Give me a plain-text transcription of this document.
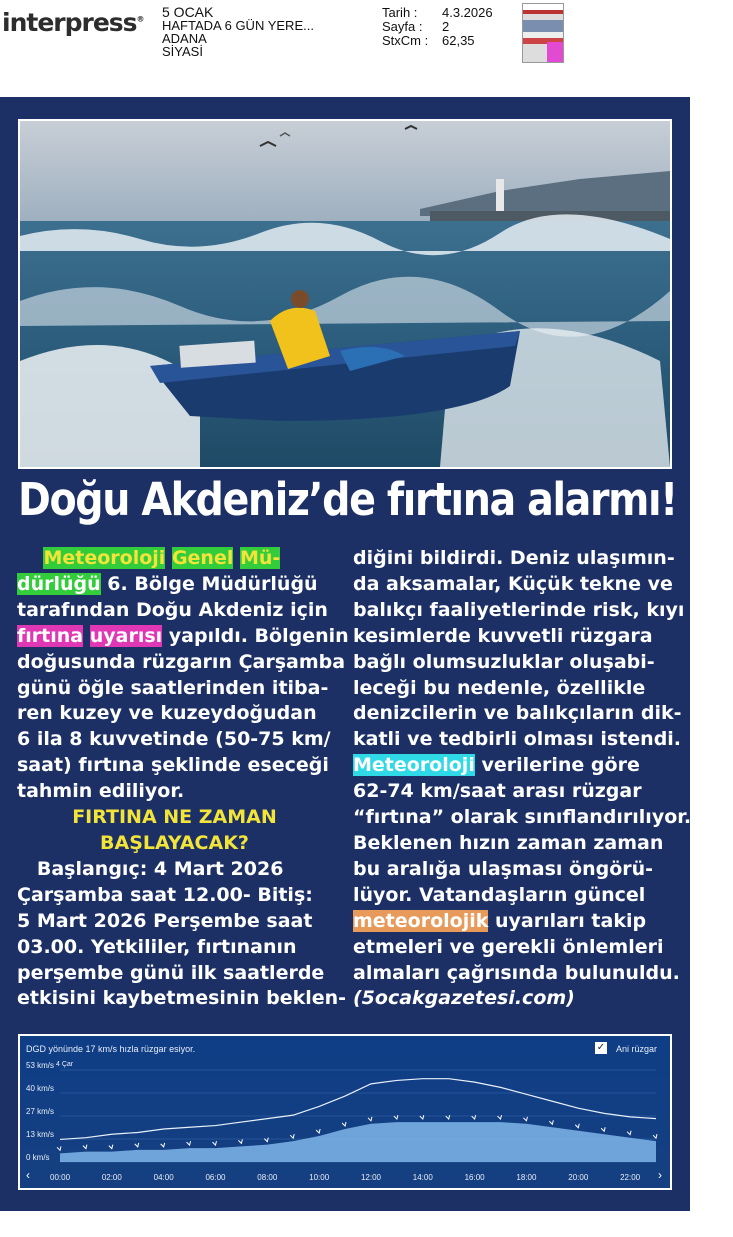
interpress® 5 OCAK
HAFTADA 6 GÜN YERE...
ADANA
SİYASİ
Tarih :	4.3.2026
Sayfa :	2
StxCm :	62,35
Doğu Akdeniz’de fırtına alarmı!
Meteoroloji Genel Mü-
dürlüğü 6. Bölge Müdürlüğü
tarafından Doğu Akdeniz için
fırtına uyarısı yapıldı. Bölgenin
doğusunda rüzgarın Çarşamba
günü öğle saatlerinden itiba-
ren kuzey ve kuzeydoğudan
6 ila 8 kuvvetinde (50-75 km/
saat) fırtına şeklinde eseceği
tahmin ediliyor.
FIRTINA NE ZAMAN
BAŞLAYACAK?
Başlangıç: 4 Mart 2026
Çarşamba saat 12.00- Bitiş:
5 Mart 2026 Perşembe saat
03.00. Yetkililer, fırtınanın
perşembe günü ilk saatlerde
etkisini kaybetmesinin beklen-
diğini bildirdi. Deniz ulaşımın-
da aksamalar, Küçük tekne ve
balıkçı faaliyetlerinde risk, kıyı
kesimlerde kuvvetli rüzgara
bağlı olumsuzluklar oluşabi-
leceği bu nedenle, özellikle
denizcilerin ve balıkçıların dik-
katli ve tedbirli olması istendi.
Meteoroloji verilerine göre
62-74 km/saat arası rüzgar
“fırtına” olarak sınıflandırılıyor.
Beklenen hızın zaman zaman
bu aralığa ulaşması öngörü-
lüyor. Vatandaşların güncel
meteorolojik uyarıları takip
etmeleri ve gerekli önlemleri
almaları çağrısında bulunuldu.
(5ocakgazetesi.com)
DGD yönünde 17 km/s hızla rüzgar esiyor.	✓ Ani rüzgar
0 km/s
13 km/s
27 km/s
40 km/s
53 km/s 4 Çar
00:00	02:00	04:00	06:00	08:00	10:00	12:00	14:00	16:00	18:00	20:00	22:00
‹	›
